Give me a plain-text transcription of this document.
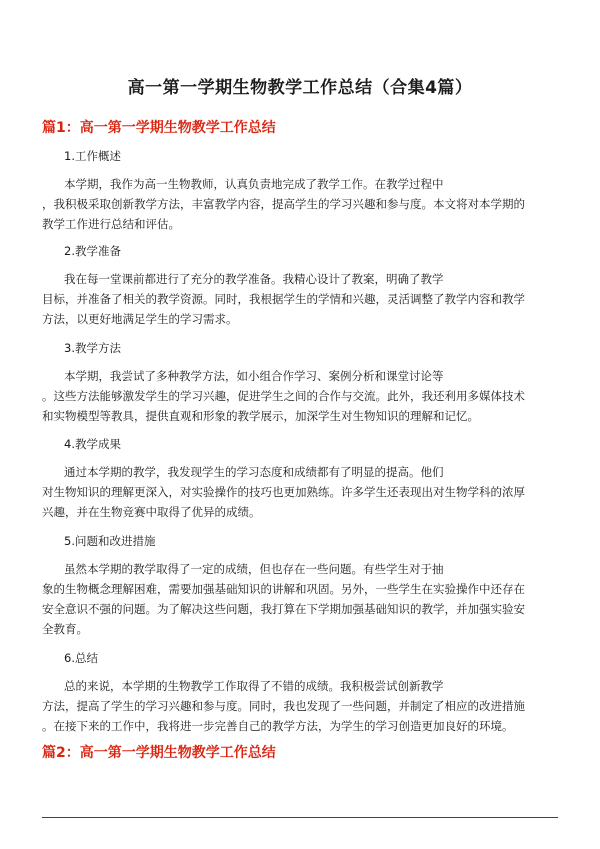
高一第一学期生物教学工作总结（合集4篇）
篇1：高一第一学期生物教学工作总结
1.工作概述
本学期，我作为高一生物教师，认真负责地完成了教学工作。在教学过程中
，我积极采取创新教学方法，丰富教学内容，提高学生的学习兴趣和参与度。本文将对本学期的
教学工作进行总结和评估。
2.教学准备
我在每一堂课前都进行了充分的教学准备。我精心设计了教案，明确了教学
目标，并准备了相关的教学资源。同时，我根据学生的学情和兴趣，灵活调整了教学内容和教学
方法，以更好地满足学生的学习需求。
3.教学方法
本学期，我尝试了多种教学方法，如小组合作学习、案例分析和课堂讨论等
。这些方法能够激发学生的学习兴趣，促进学生之间的合作与交流。此外，我还利用多媒体技术
和实物模型等教具，提供直观和形象的教学展示，加深学生对生物知识的理解和记忆。
4.教学成果
通过本学期的教学，我发现学生的学习态度和成绩都有了明显的提高。他们
对生物知识的理解更深入，对实验操作的技巧也更加熟练。许多学生还表现出对生物学科的浓厚
兴趣，并在生物竞赛中取得了优异的成绩。
5.问题和改进措施
虽然本学期的教学取得了一定的成绩，但也存在一些问题。有些学生对于抽
象的生物概念理解困难，需要加强基础知识的讲解和巩固。另外，一些学生在实验操作中还存在
安全意识不强的问题。为了解决这些问题，我打算在下学期加强基础知识的教学，并加强实验安
全教育。
6.总结
总的来说，本学期的生物教学工作取得了不错的成绩。我积极尝试创新教学
方法，提高了学生的学习兴趣和参与度。同时，我也发现了一些问题，并制定了相应的改进措施
。在接下来的工作中，我将进一步完善自己的教学方法，为学生的学习创造更加良好的环境。
篇2：高一第一学期生物教学工作总结
